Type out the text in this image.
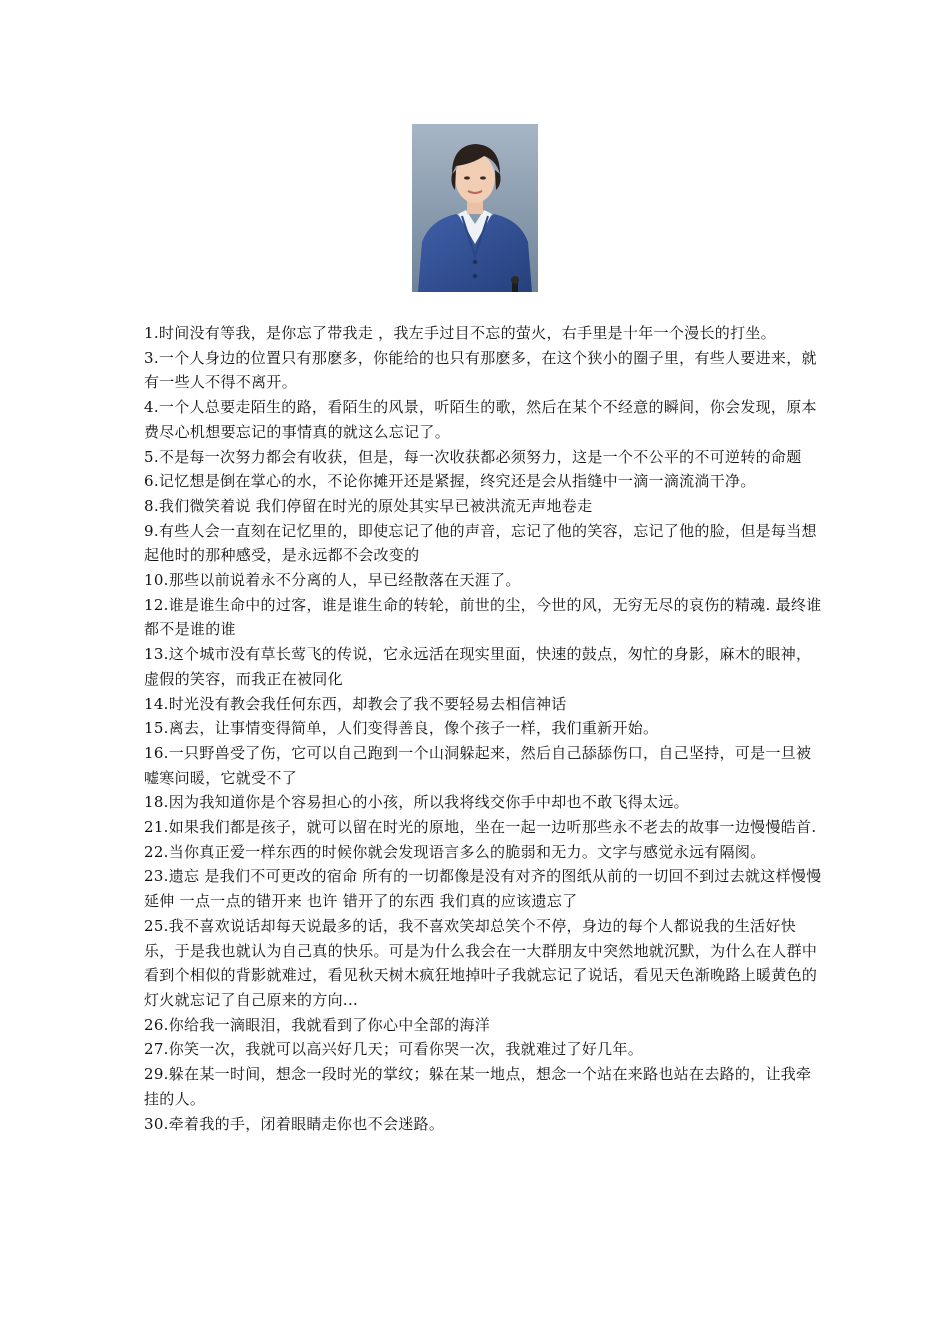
1.时间没有等我，是你忘了带我走 ，我左手过目不忘的萤火，右手里是十年一个漫长的打坐。

3.一个人身边的位置只有那麽多，你能给的也只有那麽多，在这个狭小的圈子里，有些人要进来，就有一些人不得不离开。

4.一个人总要走陌生的路，看陌生的风景，听陌生的歌，然后在某个不经意的瞬间，你会发现，原本费尽心机想要忘记的事情真的就这么忘记了。

5.不是每一次努力都会有收获，但是，每一次收获都必须努力，这是一个不公平的不可逆转的命题

6.记忆想是倒在掌心的水，不论你摊开还是紧握，终究还是会从指缝中一滴一滴流淌干净。

8.我们微笑着说 我们停留在时光的原处其实早已被洪流无声地卷走

9.有些人会一直刻在记忆里的，即使忘记了他的声音，忘记了他的笑容，忘记了他的脸，但是每当想起他时的那种感受，是永远都不会改变的

10.那些以前说着永不分离的人，早已经散落在天涯了。

12.谁是谁生命中的过客，谁是谁生命的转轮，前世的尘，今世的风，无穷无尽的哀伤的精魂. 最终谁都不是谁的谁

13.这个城市没有草长莺飞的传说，它永远活在现实里面，快速的鼓点，匆忙的身影，麻木的眼神，虚假的笑容，而我正在被同化

14.时光没有教会我任何东西，却教会了我不要轻易去相信神话

15.离去，让事情变得简单，人们变得善良，像个孩子一样，我们重新开始。

16.一只野兽受了伤，它可以自己跑到一个山洞躲起来，然后自己舔舔伤口，自己坚持，可是一旦被嘘寒问暖，它就受不了

18.因为我知道你是个容易担心的小孩，所以我将线交你手中却也不敢飞得太远。

21.如果我们都是孩子，就可以留在时光的原地，坐在一起一边听那些永不老去的故事一边慢慢皓首.

22.当你真正爱一样东西的时候你就会发现语言多么的脆弱和无力。文字与感觉永远有隔阂。

23.遗忘 是我们不可更改的宿命 所有的一切都像是没有对齐的图纸从前的一切回不到过去就这样慢慢延伸 一点一点的错开来 也许 错开了的东西 我们真的应该遗忘了

25.我不喜欢说话却每天说最多的话，我不喜欢笑却总笑个不停，身边的每个人都说我的生活好快乐，于是我也就认为自己真的快乐。可是为什么我会在一大群朋友中突然地就沉默，为什么在人群中看到个相似的背影就难过，看见秋天树木疯狂地掉叶子我就忘记了说话，看见天色渐晚路上暖黄色的灯火就忘记了自己原来的方向...

26.你给我一滴眼泪，我就看到了你心中全部的海洋

27.你笑一次，我就可以高兴好几天；可看你哭一次，我就难过了好几年。

29.躲在某一时间，想念一段时光的掌纹；躲在某一地点，想念一个站在来路也站在去路的，让我牵挂的人。

30.牵着我的手，闭着眼睛走你也不会迷路。
